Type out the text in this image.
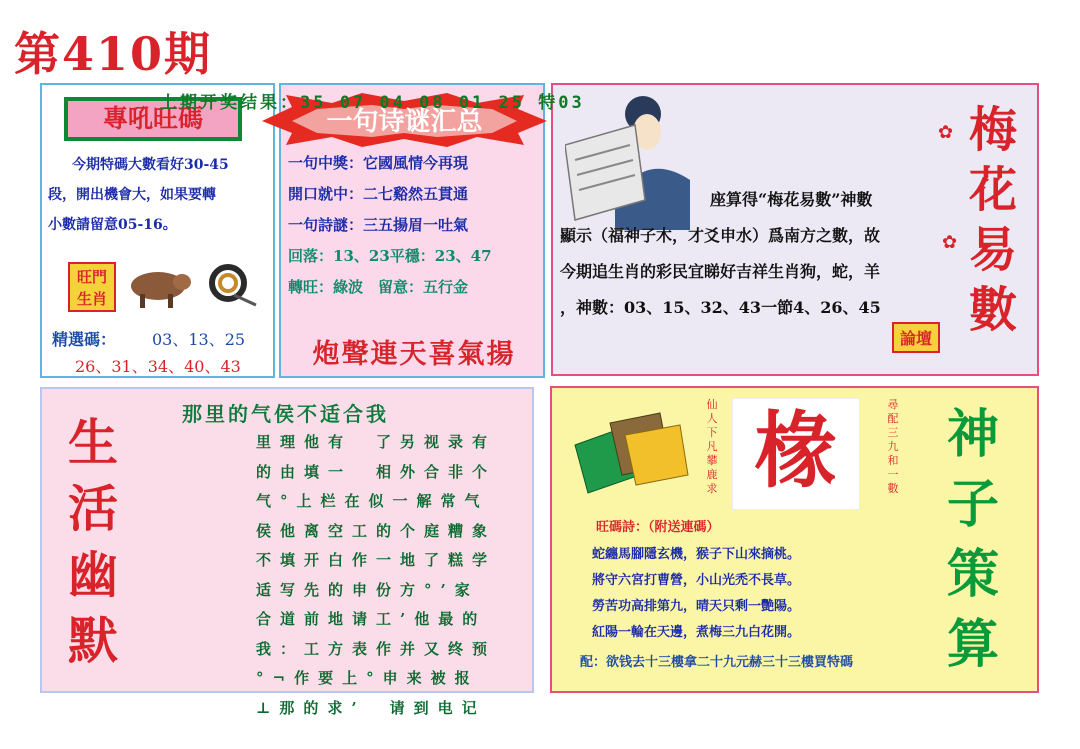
第410期
上期开奖结果：35 07 04 08 01 25 特03
專吼旺碼
今期特碼大數看好30-45
段，開出機會大，如果要轉
小數請留意05-16。
旺門生肖
精選碼： 03、13、25
26、31、34、40、43
一句诗谜汇总
一句中獎：它國風情今再現
開口就中：二七谿然五貫通
一句詩謎：三五揚眉一吐氣
回落：13、23平穩：23、47
轉旺：綠波　留意：五行金
炮聲連天喜氣揚
座算得“梅花易數”神數
顯示（福神子木，才爻申水）爲南方之數，故
今期追生肖的彩民宜睇好吉祥生肖狗，蛇，羊
，神數：03、15、32、43一節4、26、45
梅花易數
✿
✿
論壇
那里的气侯不适合我
生活幽默
里理他有　了另视录有
的由填一　相外合非个
气°上栏在似一解常气
侯他离空工的个庭糟象
不填开白作一地了糕学
适写先的申份方°’家
合道前地请工’他最的
我：工方表作并又终预
°¬作要上°申来被报
⊥那的求’　请到电记
椽
仙人下凡攀鹿求
尋配三九和一數
旺碼詩：（附送連碼）
蛇纏馬腳隱玄機，猴子下山來摘桃。
將守六宮打曹營，小山光禿不長草。
勞苦功高排第九，晴天只剩一艷陽。
紅陽一輪在天邊，煮梅三九白花開。
配：欲钱去十三樓拿二十九元赫三十三樓買特碼
神子策算
